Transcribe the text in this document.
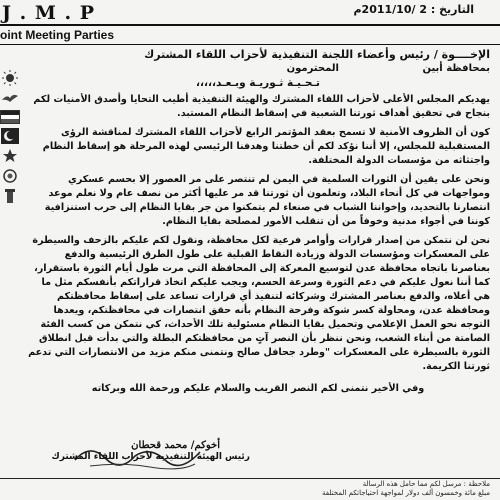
J . M . P
oint Meeting Parties
التاريخ : 2 /2011/10م

الإخــــوة / رئيس وأعضاء اللجنة التنفيذية لأحزاب اللقاء المشترك

بمحافظة أبين المحترمون

تـحـيـة ثـوريـة وبـعـد،،،،،

يهديكم المجلس الأعلى لأحزاب اللقاء المشترك والهيئة التنفيذية أطيب التحايا وأصدق الأمنيات لكم بنجاح في تحقيق أهداف ثورتنا الشعبية في إسقاط النظام المستبد.

كون أن الظروف الأمنية لا تسمح بعقد المؤتمر الرابع لأحزاب اللقاء المشترك لمناقشة الرؤى المستقبلية للمجلس، إلا أننا نؤكد لكم أن خطتنا وهدفنا الرئيسي لهذه المرحلة هو إسقاط النظام واجتثاثه من مؤسسات الدولة المختلفة.

ونحن على يقين أن الثورات السلمية في اليمن لم تنتصر على مر العصور إلا بحسم عسكري ومواجهات في كل أنحاء البلاد، وتعلمون أن ثورتنا قد مر عليها أكثر من نصف عام ولا نعلم موعد انتصارنا بالتحديد، وإخواننا الشباب في صنعاء لم يتمكنوا من جر بقايا النظام إلى حرب استنزافية كوننا في أجواء مدنية وخوفاً من أن تنقلب الأمور لمصلحة بقايا النظام.

نحن لن نتمكن من إصدار قرارات وأوامر فرعية لكل محافظة، ونقول لكم عليكم بالزحف والسيطرة على المعسكرات ومؤسسات الدولة وزيادة النقاط القبلية على طول الطرق الرئيسية والدفع بعناصرنا باتجاه محافظة عدن لتوسيع المعركة إلى المحافظة التي مرت طول أيام الثورة باستقرار، كما أننا نعول عليكم في دعم الثورة وسرعة الحسم، ويجب عليكم اتخاذ قراراتكم بأنفسكم مثل ما هي أعلاه، والدفع بعناصر المشترك وشركائه لتنفيذ أي قرارات تساعد على إسقاط محافظتكم ومحافظة عدن، ومحاولة كسر شوكة وفرحة النظام بأنه حقق انتصارات في محافظتكم، ويعدها التوجه نحو العمل الإعلامي وتحميل بقايا النظام مسئولية تلك الأحداث، كي نتمكن من كسب الفئة الصامتة من أبناء الشعب، ونحن ننظر بأن النصر آتٍ من محافظتكم البطلة والتي بدأت قبل انطلاق الثورة بالسيطرة على المعسكرات "وطرد جحافل صالح ونتمنى منكم مزيد من الانتصارات التي تدعم ثورتنا الكريمة.

وفي الأخير نتمنى لكم النصر القريب والسلام عليكم ورحمة الله وبركاته

أخوكم/ محمد قحطان
رئيس الهيئة التنفيذية لأحزاب اللقاء المشترك

ملاحظة : مرسل لكم مما حامل هذه الرسالة

مبلغ مائة وخمسون ألف دولار لمواجهة احتياجاتكم المختلفة
